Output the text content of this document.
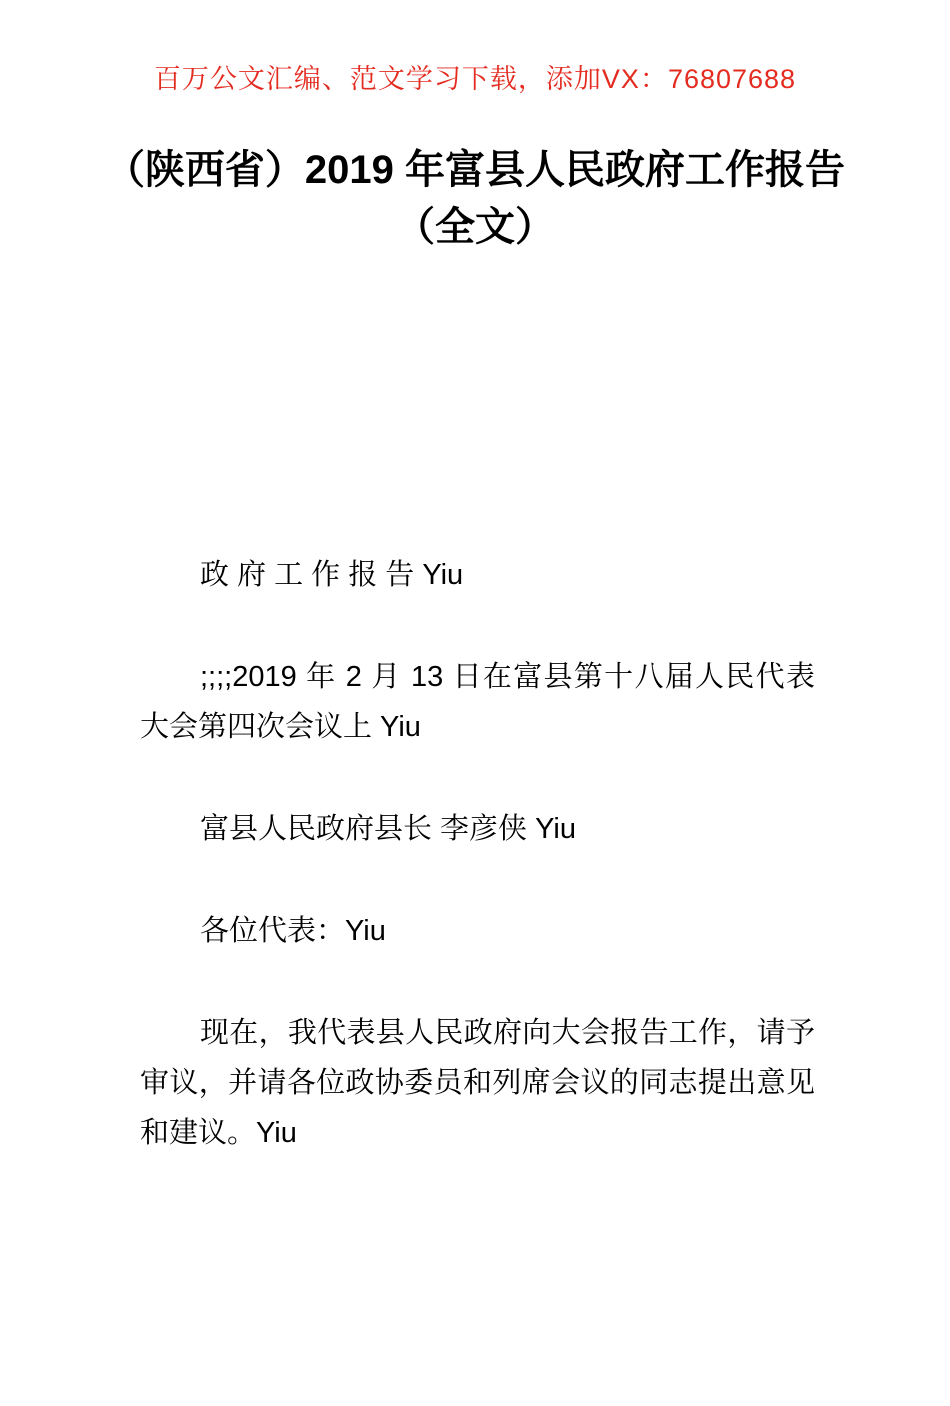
百万公文汇编、范文学习下载，添加VX：76807688
（陕西省）2019 年富县人民政府工作报告
（全文）

政 府 工 作 报 告 Yiu

;;;;2019 年 2 月 13 日在富县第十八届人民代表大会第四次会议上 Yiu

富县人民政府县长 李彦侠 Yiu

各位代表：Yiu

现在，我代表县人民政府向大会报告工作，请予审议，并请各位政协委员和列席会议的同志提出意见和建议。Yiu
